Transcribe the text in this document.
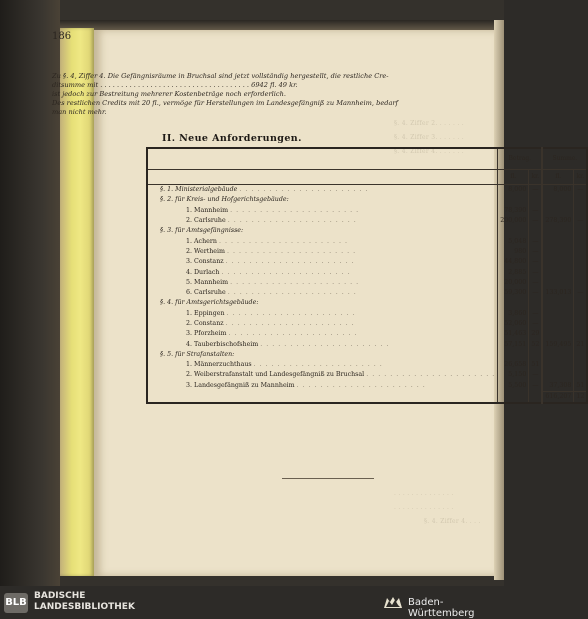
§. 4. Ziffer 2. . . . . . .
§. 4. Ziffer 3. . . . . . .
§. 4. Ziffer 4. . . . . . .
. . . . . . . . . . . . . .
. . . . . . . . . . . . . .
§. 4. Ziffer 4. . . .
186
Zu §. 4, Ziffer 4. Die Gefängnisräume in Bruchsal sind jetzt vollständig hergestellt, die restliche Cre-
ditsumme mit . . . . . . . . . . . . . . . . . . . . . . . . . . . . . . . . . . . . 6942 fl. 49 kr.
ist jedoch zur Bestreitung mehrerer Kostenbeträge noch erforderlich.
Des restlichen Credits mit 20 fl., vermöge für Herstellungen im Landesgefängniß zu Mannheim, bedarf
man nicht mehr.
II. Neue Anforderungen.
	Betrag.		Summe.	
	fl.	kr.	fl.	kr.
§. 1. Ministerialgebäude . . . . . . . . . . . . . . . . . . . . . .	8,000	—	8,000	—
§. 2. für Kreis- und Hofgerichtsgebäude:				
1. Mannheim . . . . . . . . . . . . . . . . . . . . . .	78,390	—		
2. Carlsruhe . . . . . . . . . . . . . . . . . . . . . .	200,000	—	278,390	—
§. 3. für Amtsgefängnisse:				
1. Achern . . . . . . . . . . . . . . . . . . . . . .	5,048	—		
2. Wertheim . . . . . . . . . . . . . . . . . . . . . .	980	—		
3. Constanz . . . . . . . . . . . . . . . . . . . . . .	44,800	—		
4. Durlach . . . . . . . . . . . . . . . . . . . . . .	2,885	—		
5. Mannheim . . . . . . . . . . . . . . . . . . . . . .	20,000	—		
6. Carlsruhe . . . . . . . . . . . . . . . . . . . . . .	59,300	—	133,013	—
§. 4. für Amtsgerichtsgebäude:				
1. Eppingen . . . . . . . . . . . . . . . . . . . . . .	3,860	—		
2. Constanz . . . . . . . . . . . . . . . . . . . . . .	52,060	—		
3. Pforzheim . . . . . . . . . . . . . . . . . . . . . .	51,463	29		
4. Tauberbischofsheim . . . . . . . . . . . . . . . . . . . . . .	57,151	52	159,495	21
§. 5. für Strafanstalten:				
1. Männerzuchthaus . . . . . . . . . . . . . . . . . . . . . .	26,658	51		
2. Weiberstrafanstalt und Landesgefängniß zu Bruchsal . . . . . . . . . . . . . . . . . . . . . .	5,150	—		
3. Landesgefängniß zu Mannheim . . . . . . . . . . . . . . . . . . . . . .	5,500	—	37,308	51
			616,207	12
BLB
BADISCHE
LANDESBIBLIOTHEK	Baden-Württemberg
